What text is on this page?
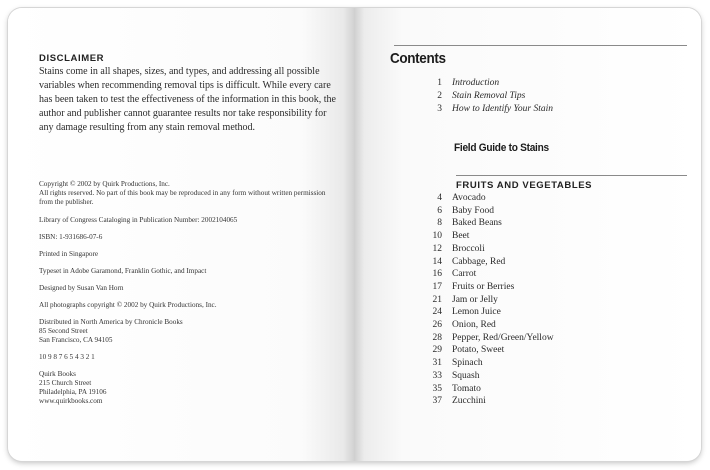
DISCLAIMER
Stains come in all shapes, sizes, and types, and addressing all possible variables when recommending removal tips is difficult. While every care has been taken to test the effectiveness of the information in this book, the author and publisher cannot guarantee results nor take responsibility for any damage resulting from any stain removal method.

Copyright © 2002 by Quirk Productions, Inc.
All rights reserved. No part of this book may be reproduced in any form without written permission from the publisher.

Library of Congress Cataloging in Publication Number: 2002104065

ISBN: 1-931686-07-6

Printed in Singapore

Typeset in Adobe Garamond, Franklin Gothic, and Impact

Designed by Susan Van Horn

All photographs copyright © 2002 by Quirk Productions, Inc.

Distributed in North America by Chronicle Books
85 Second Street
San Francisco, CA 94105

10 9 8 7 6 5 4 3 2 1

Quirk Books
215 Church Street
Philadelphia, PA 19106
www.quirkbooks.com

Contents
1	Introduction
2	Stain Removal Tips
3	How to Identify Your Stain
Field Guide to Stains
FRUITS AND VEGETABLES
4	Avocado
6	Baby Food
8	Baked Beans
10	Beet
12	Broccoli
14	Cabbage, Red
16	Carrot
17	Fruits or Berries
21	Jam or Jelly
24	Lemon Juice
26	Onion, Red
28	Pepper, Red/Green/Yellow
29	Potato, Sweet
31	Spinach
33	Squash
35	Tomato
37	Zucchini
